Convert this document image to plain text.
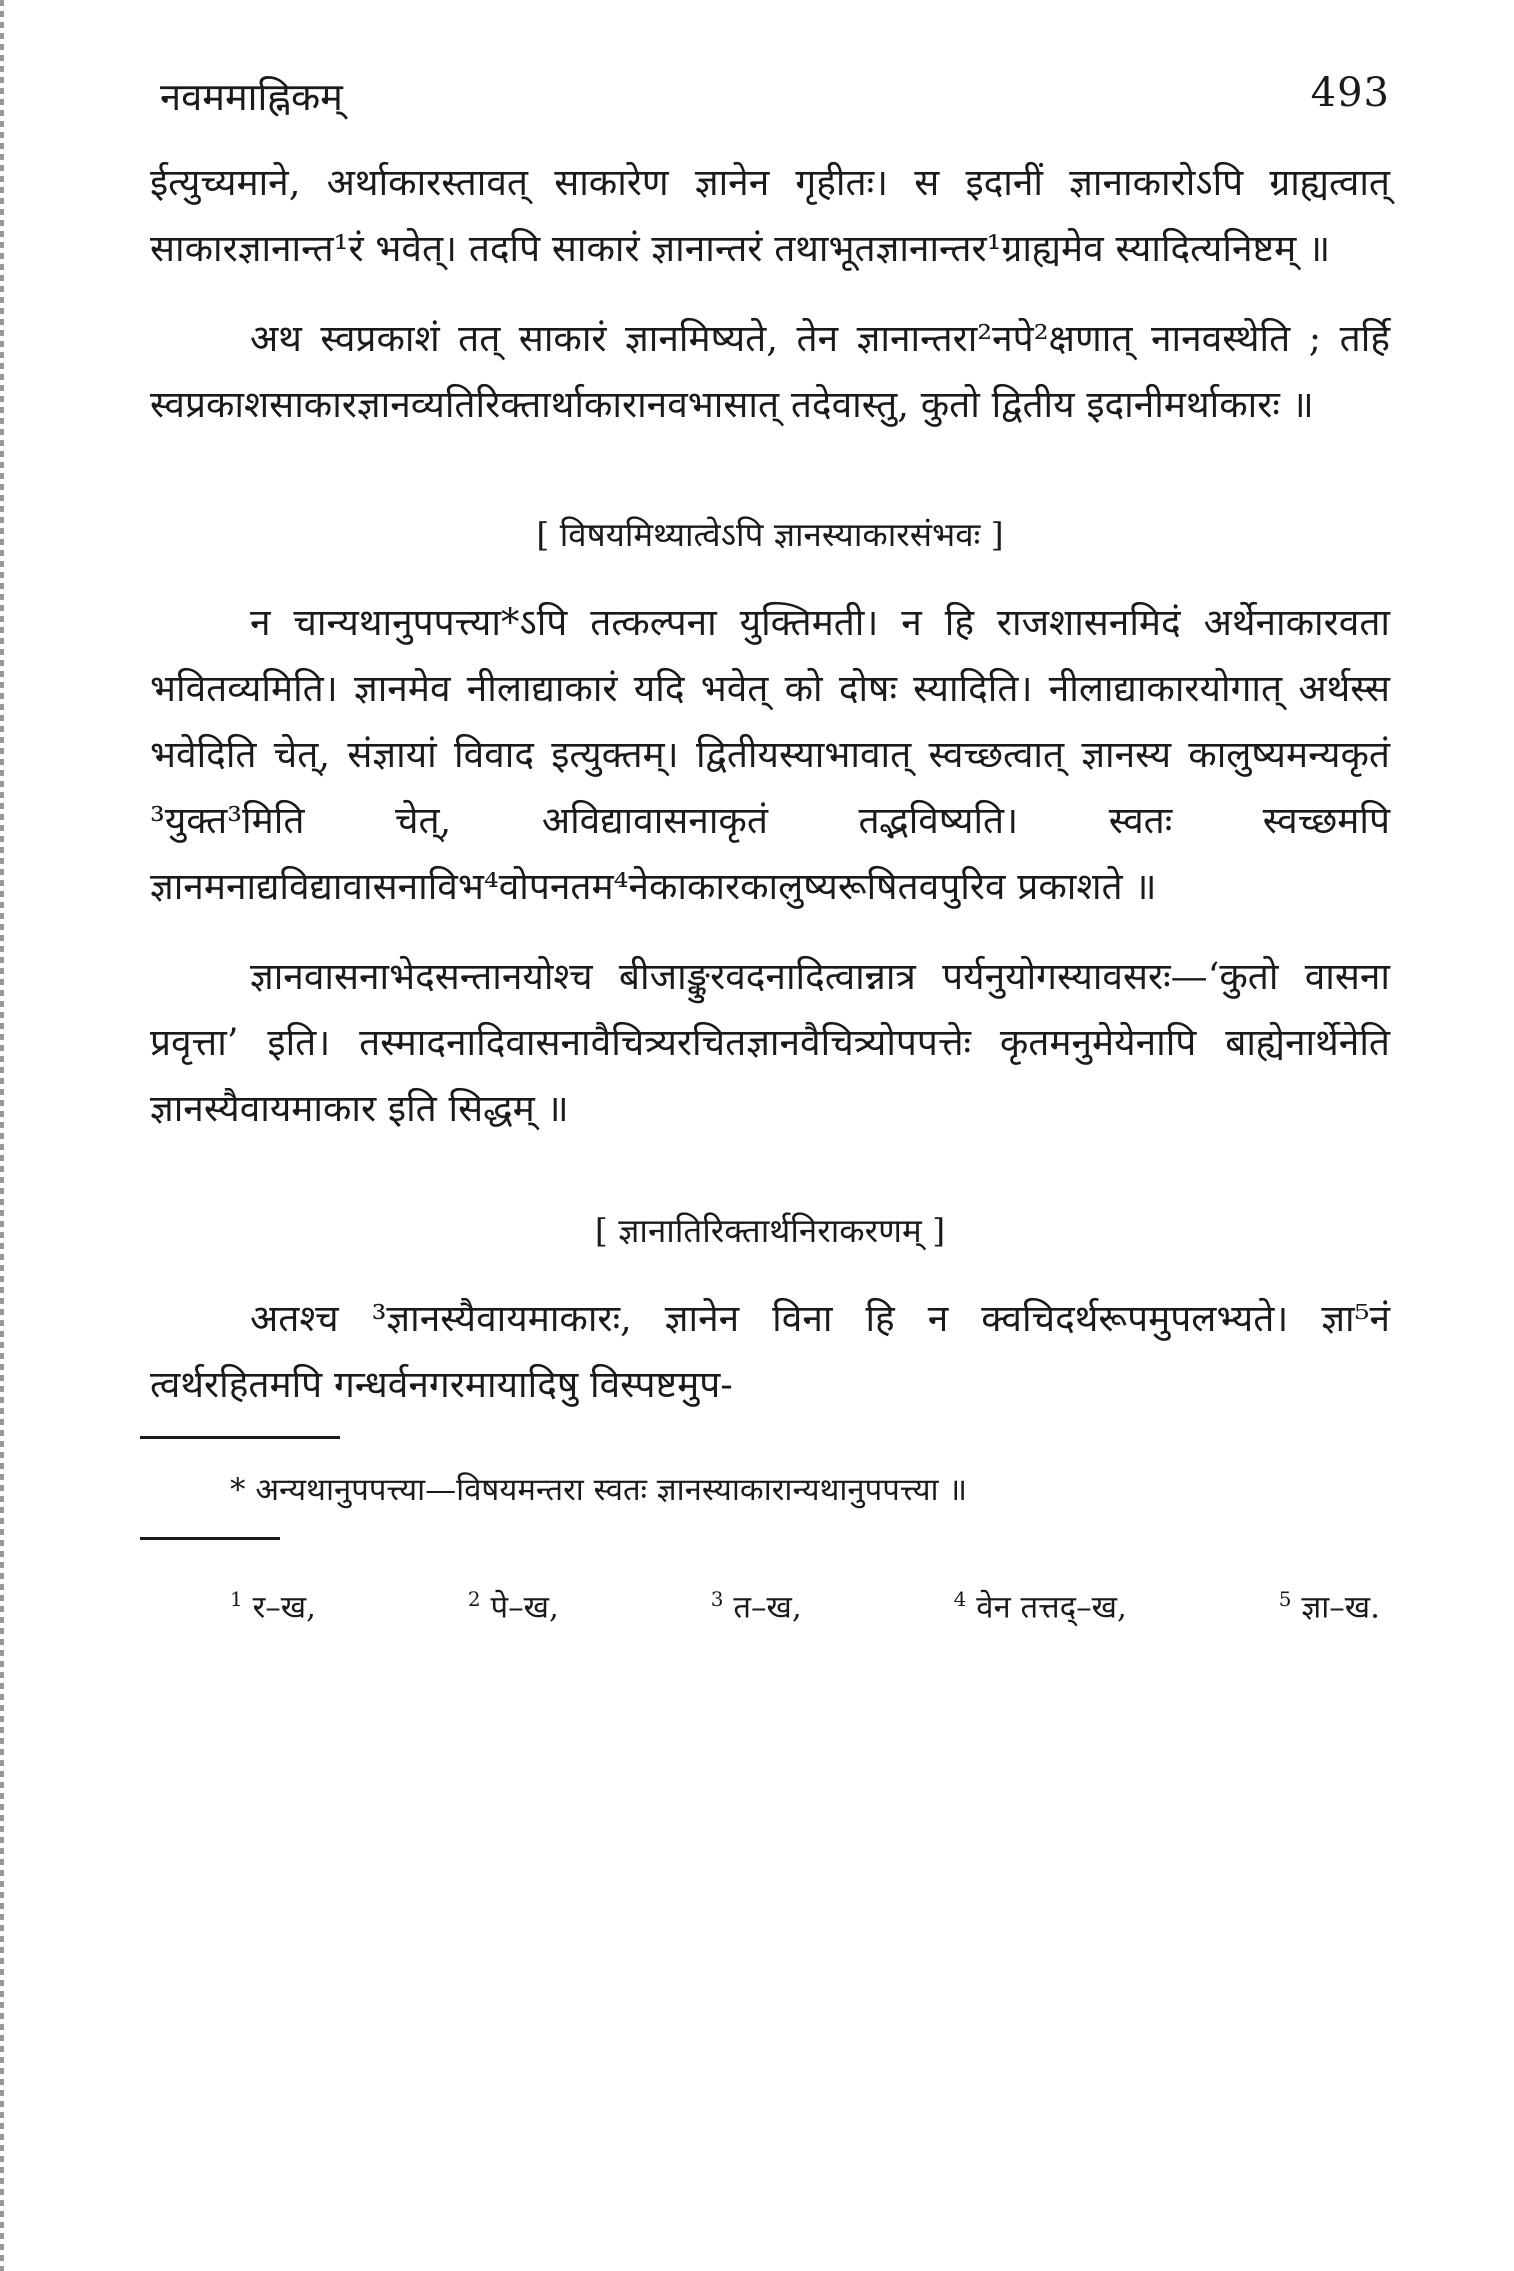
नवममाह्निकम्	493

ईत्युच्यमाने, अर्थाकारस्तावत् साकारेण ज्ञानेन गृहीतः। स इदानीं ज्ञानाकारोऽपि ग्राह्यत्वात् साकारज्ञानान्त¹रं भवेत्। तदपि साकारं ज्ञानान्तरं तथाभूतज्ञानान्तर¹ग्राह्यमेव स्यादित्यनिष्टम् ॥

अथ स्वप्रकाशं तत् साकारं ज्ञानमिष्यते, तेन ज्ञानान्तरा²नपे²क्षणात् नानवस्थेति ; तर्हि स्वप्रकाशसाकारज्ञानव्यतिरिक्तार्थाकारानवभासात् तदेवास्तु, कुतो द्वितीय इदानीमर्थाकारः ॥

[ विषयमिथ्यात्वेऽपि ज्ञानस्याकारसंभवः ]

न चान्यथानुपपत्त्या*ऽपि तत्कल्पना युक्तिमती। न हि राजशासनमिदं अर्थेनाकारवता भवितव्यमिति। ज्ञानमेव नीलाद्याकारं यदि भवेत् को दोषः स्यादिति। नीलाद्याकारयोगात् अर्थस्स भवेदिति चेत्, संज्ञायां विवाद इत्युक्तम्। द्वितीयस्याभावात् स्वच्छत्वात् ज्ञानस्य कालुष्यमन्यकृतं ³युक्त³मिति चेत्, अविद्यावासनाकृतं तद्भविष्यति। स्वतः स्वच्छमपि ज्ञानमनाद्यविद्यावासनाविभ⁴वोपनतम⁴नेकाकारकालुष्यरूषितवपुरिव प्रकाशते ॥

ज्ञानवासनाभेदसन्तानयोश्च बीजाङ्कुरवदनादित्वान्नात्र पर्यनुयोगस्यावसरः—‘कुतो वासना प्रवृत्ता’ इति। तस्मादनादिवासनावैचित्र्यरचितज्ञानवैचित्र्योपपत्तेः कृतमनुमेयेनापि बाह्येनार्थेनेति ज्ञानस्यैवायमाकार इति सिद्धम् ॥

[ ज्ञानातिरिक्तार्थनिराकरणम् ]

अतश्च ³ज्ञानस्यैवायमाकारः, ज्ञानेन विना हि न क्वचिदर्थरूपमुपलभ्यते। ज्ञा⁵नं त्वर्थरहितमपि गन्धर्वनगरमायादिषु विस्पष्टमुप-

* अन्यथानुपपत्त्या—विषयमन्तरा स्वतः ज्ञानस्याकारान्यथानुपपत्त्या ॥

$^1$ र–ख,	$^2$ पे–ख,	$^3$ त–ख,	$^4$ वेन तत्तद्–ख,	$^5$ ज्ञा–ख.
